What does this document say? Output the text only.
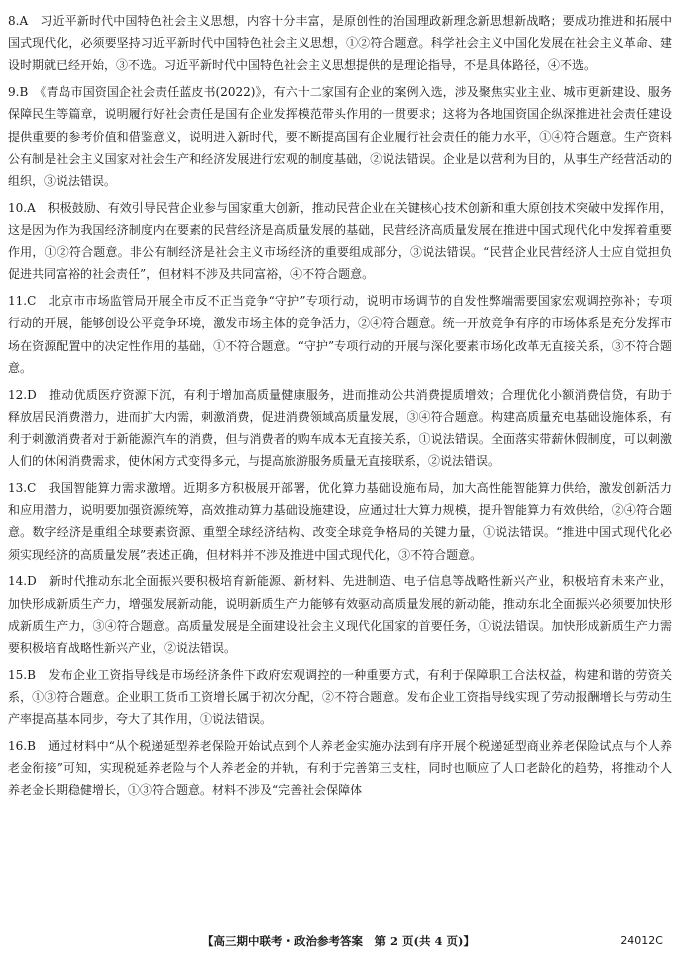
8.A　习近平新时代中国特色社会主义思想，内容十分丰富，是原创性的治国理政新理念新思想新战略；要成功推进和拓展中国式现代化，必须要坚持习近平新时代中国特色社会主义思想，①②符合题意。科学社会主义中国化发展在社会主义革命、建设时期就已经开始，③不选。习近平新时代中国特色社会主义思想提供的是理论指导，不是具体路径，④不选。

9.B　《青岛市国资国企社会责任蓝皮书(2022)》，有六十二家国有企业的案例入选，涉及聚焦实业主业、城市更新建设、服务保障民生等篇章，说明履行好社会责任是国有企业发挥模范带头作用的一贯要求；这将为各地国资国企纵深推进社会责任建设提供重要的参考价值和借鉴意义，说明进入新时代，要不断提高国有企业履行社会责任的能力水平，①④符合题意。生产资料公有制是社会主义国家对社会生产和经济发展进行宏观的制度基础，②说法错误。企业是以营利为目的，从事生产经营活动的组织，③说法错误。

10.A　积极鼓励、有效引导民营企业参与国家重大创新，推动民营企业在关键核心技术创新和重大原创技术突破中发挥作用，这是因为作为我国经济制度内在要素的民营经济是高质量发展的基础，民营经济高质量发展在推进中国式现代化中发挥着重要作用，①②符合题意。非公有制经济是社会主义市场经济的重要组成部分，③说法错误。“民营企业民营经济人士应自觉担负促进共同富裕的社会责任”，但材料不涉及共同富裕，④不符合题意。

11.C　北京市市场监管局开展全市反不正当竞争“守护”专项行动，说明市场调节的自发性弊端需要国家宏观调控弥补；专项行动的开展，能够创设公平竞争环境，激发市场主体的竞争活力，②④符合题意。统一开放竞争有序的市场体系是充分发挥市场在资源配置中的决定性作用的基础，①不符合题意。“守护”专项行动的开展与深化要素市场化改革无直接关系，③不符合题意。

12.D　推动优质医疗资源下沉，有利于增加高质量健康服务，进而推动公共消费提质增效；合理优化小额消费信贷，有助于释放居民消费潜力，进而扩大内需，刺激消费，促进消费领域高质量发展，③④符合题意。构建高质量充电基础设施体系，有利于刺激消费者对于新能源汽车的消费，但与消费者的购车成本无直接关系，①说法错误。全面落实带薪休假制度，可以刺激人们的休闲消费需求，使休闲方式变得多元，与提高旅游服务质量无直接联系，②说法错误。

13.C　我国智能算力需求激增。近期多方积极展开部署，优化算力基础设施布局，加大高性能智能算力供给，激发创新活力和应用潜力，说明要加强资源统筹，高效推动算力基础设施建设，应通过壮大算力规模，提升智能算力有效供给，②④符合题意。数字经济是重组全球要素资源、重塑全球经济结构、改变全球竞争格局的关键力量，①说法错误。“推进中国式现代化必须实现经济的高质量发展”表述正确，但材料并不涉及推进中国式现代化，③不符合题意。

14.D　新时代推动东北全面振兴要积极培育新能源、新材料、先进制造、电子信息等战略性新兴产业，积极培育未来产业，加快形成新质生产力，增强发展新动能，说明新质生产力能够有效驱动高质量发展的新动能，推动东北全面振兴必须要加快形成新质生产力，③④符合题意。高质量发展是全面建设社会主义现代化国家的首要任务，①说法错误。加快形成新质生产力需要积极培育战略性新兴产业，②说法错误。

15.B　发布企业工资指导线是市场经济条件下政府宏观调控的一种重要方式，有利于保障职工合法权益，构建和谐的劳资关系，①③符合题意。企业职工货币工资增长属于初次分配，②不符合题意。发布企业工资指导线实现了劳动报酬增长与劳动生产率提高基本同步，夸大了其作用，①说法错误。

16.B　通过材料中“从个税递延型养老保险开始试点到个人养老金实施办法到有序开展个税递延型商业养老保险试点与个人养老金衔接”可知，实现税延养老险与个人养老金的并轨，有利于完善第三支柱，同时也顺应了人口老龄化的趋势，将推动个人养老金长期稳健增长，①③符合题意。材料不涉及“完善社会保障体

【高三期中联考・政治参考答案　第 2 页(共 4 页)】	24012C
